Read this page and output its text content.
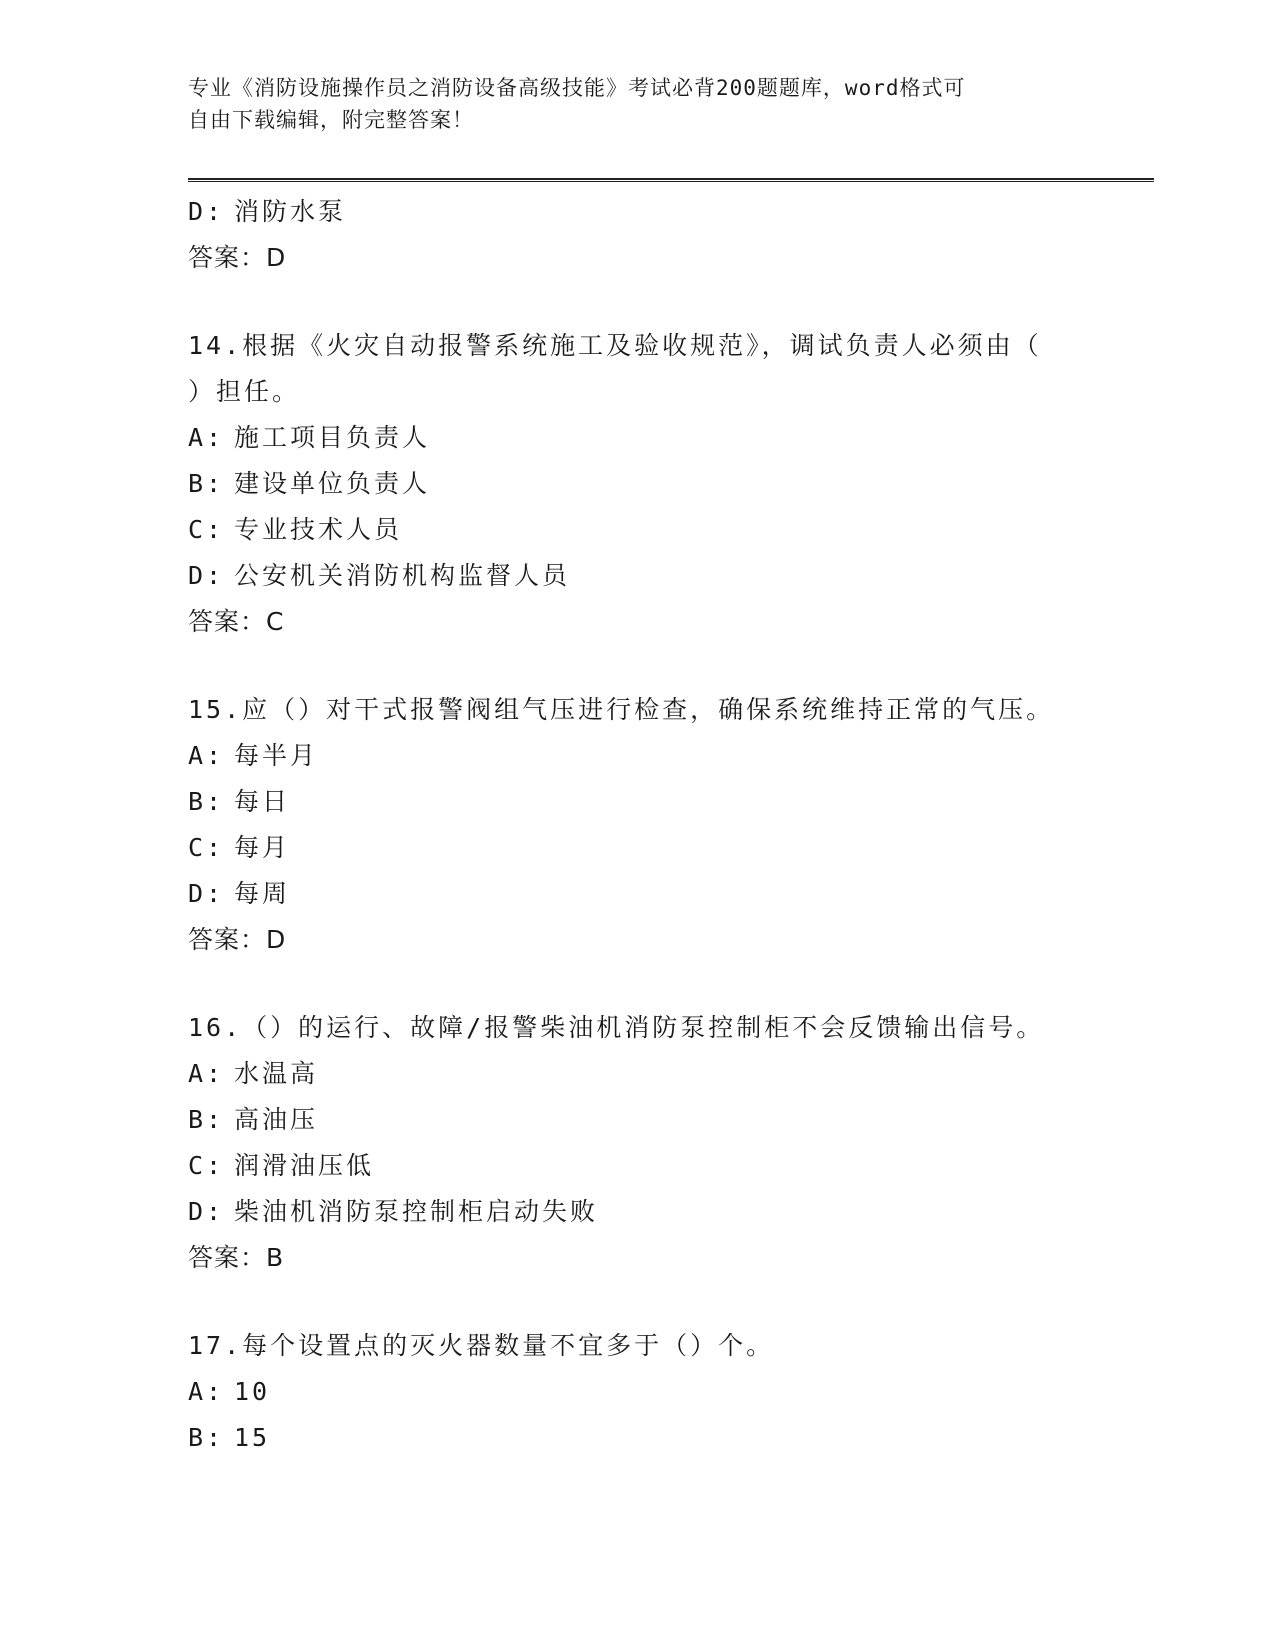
专业《消防设施操作员之消防设备高级技能》考试必背200题题库，word格式可
自由下载编辑，附完整答案！
D: 消防水泵
答案：D
14.根据《火灾自动报警系统施工及验收规范》，调试负责人必须由（
）担任。
A: 施工项目负责人
B: 建设单位负责人
C: 专业技术人员
D: 公安机关消防机构监督人员
答案：C
15.应（）对干式报警阀组气压进行检查，确保系统维持正常的气压。
A: 每半月
B: 每日
C: 每月
D: 每周
答案：D
16.（）的运行、故障/报警柴油机消防泵控制柜不会反馈输出信号。
A: 水温高
B: 高油压
C: 润滑油压低
D: 柴油机消防泵控制柜启动失败
答案：B
17.每个设置点的灭火器数量不宜多于（）个。
A: 10
B: 15
